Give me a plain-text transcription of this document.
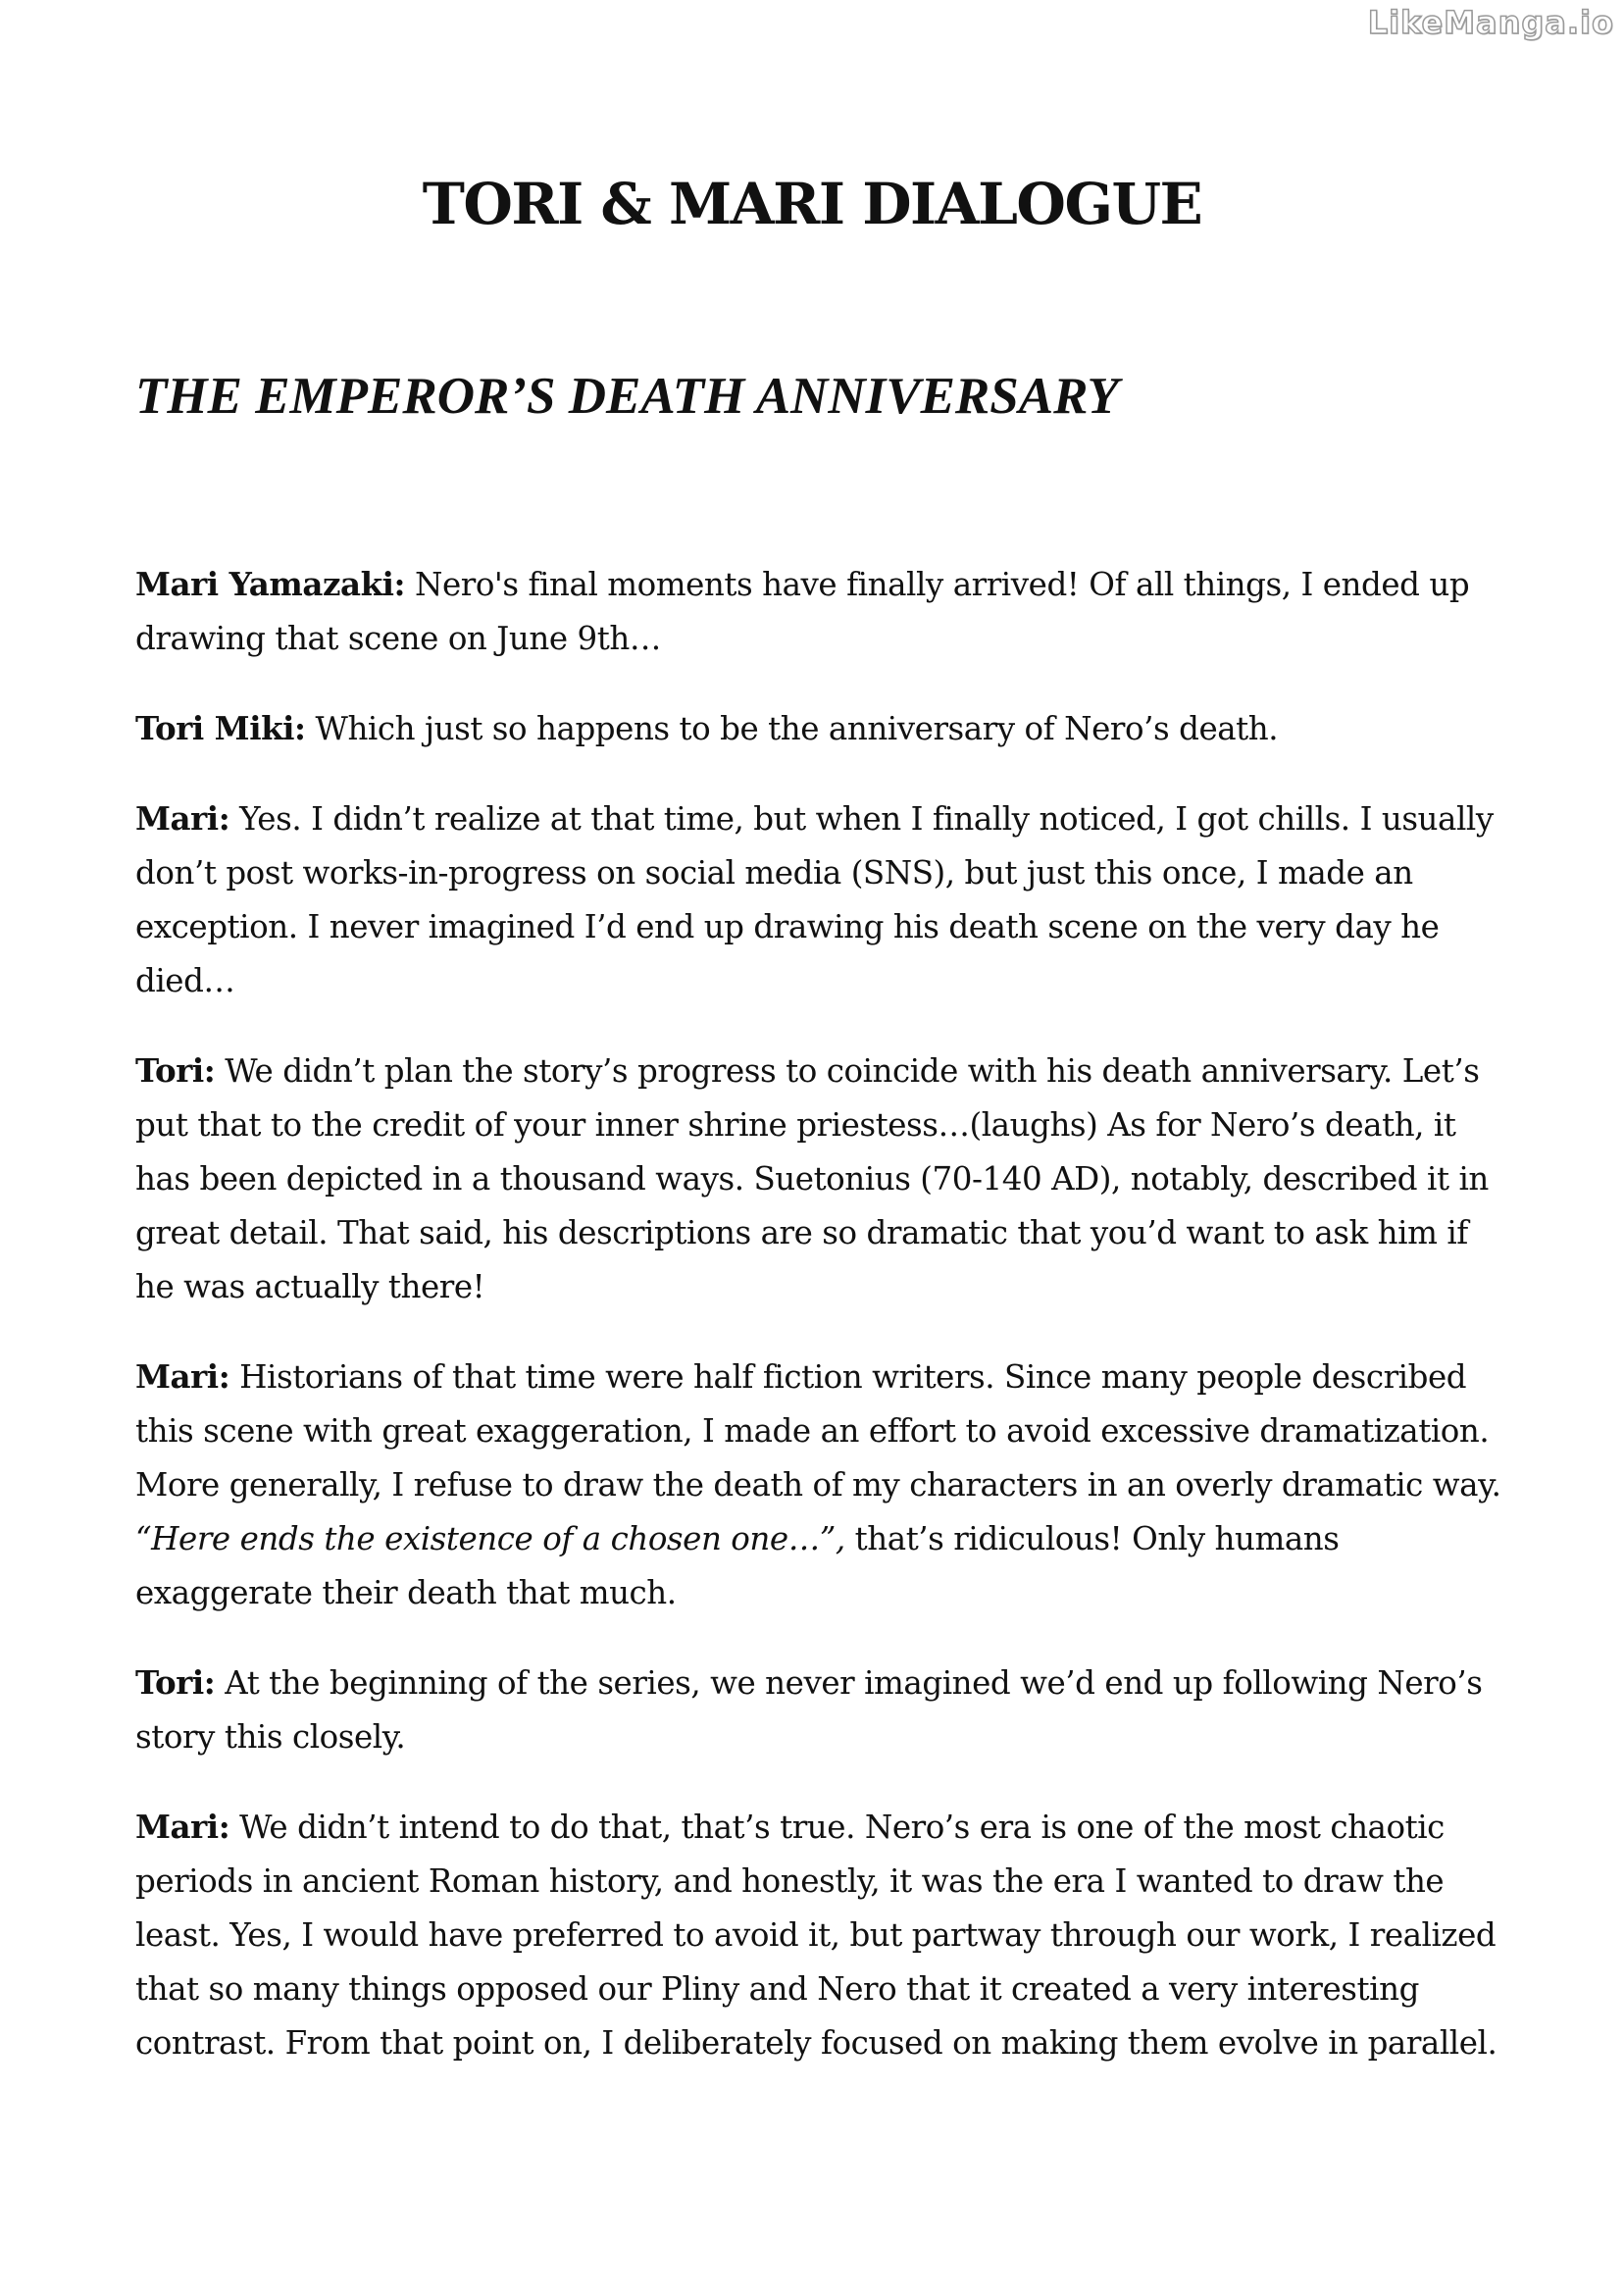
LikeManga.io
TORI & MARI DIALOGUE
THE EMPEROR’S DEATH ANNIVERSARY

Mari Yamazaki: Nero's final moments have finally arrived! Of all things, I ended up drawing that scene on June 9th…

Tori Miki: Which just so happens to be the anniversary of Nero’s death.

Mari: Yes. I didn’t realize at that time, but when I finally noticed, I got chills. I usually don’t post works-in-progress on social media (SNS), but just this once, I made an exception. I never imagined I’d end up drawing his death scene on the very day he died…

Tori: We didn’t plan the story’s progress to coincide with his death anniversary. Let’s put that to the credit of your inner shrine priestess…(laughs) As for Nero’s death, it has been depicted in a thousand ways. Suetonius (70-140 AD), notably, described it in great detail. That said, his descriptions are so dramatic that you’d want to ask him if he was actually there!

Mari: Historians of that time were half fiction writers. Since many people described this scene with great exaggeration, I made an effort to avoid excessive dramatization. More generally, I refuse to draw the death of my characters in an overly dramatic way. “Here ends the existence of a chosen one…”, that’s ridiculous! Only humans exaggerate their death that much.

Tori: At the beginning of the series, we never imagined we’d end up following Nero’s story this closely.

Mari: We didn’t intend to do that, that’s true. Nero’s era is one of the most chaotic periods in ancient Roman history, and honestly, it was the era I wanted to draw the least. Yes, I would have preferred to avoid it, but partway through our work, I realized that so many things opposed our Pliny and Nero that it created a very interesting contrast. From that point on, I deliberately focused on making them evolve in parallel.
